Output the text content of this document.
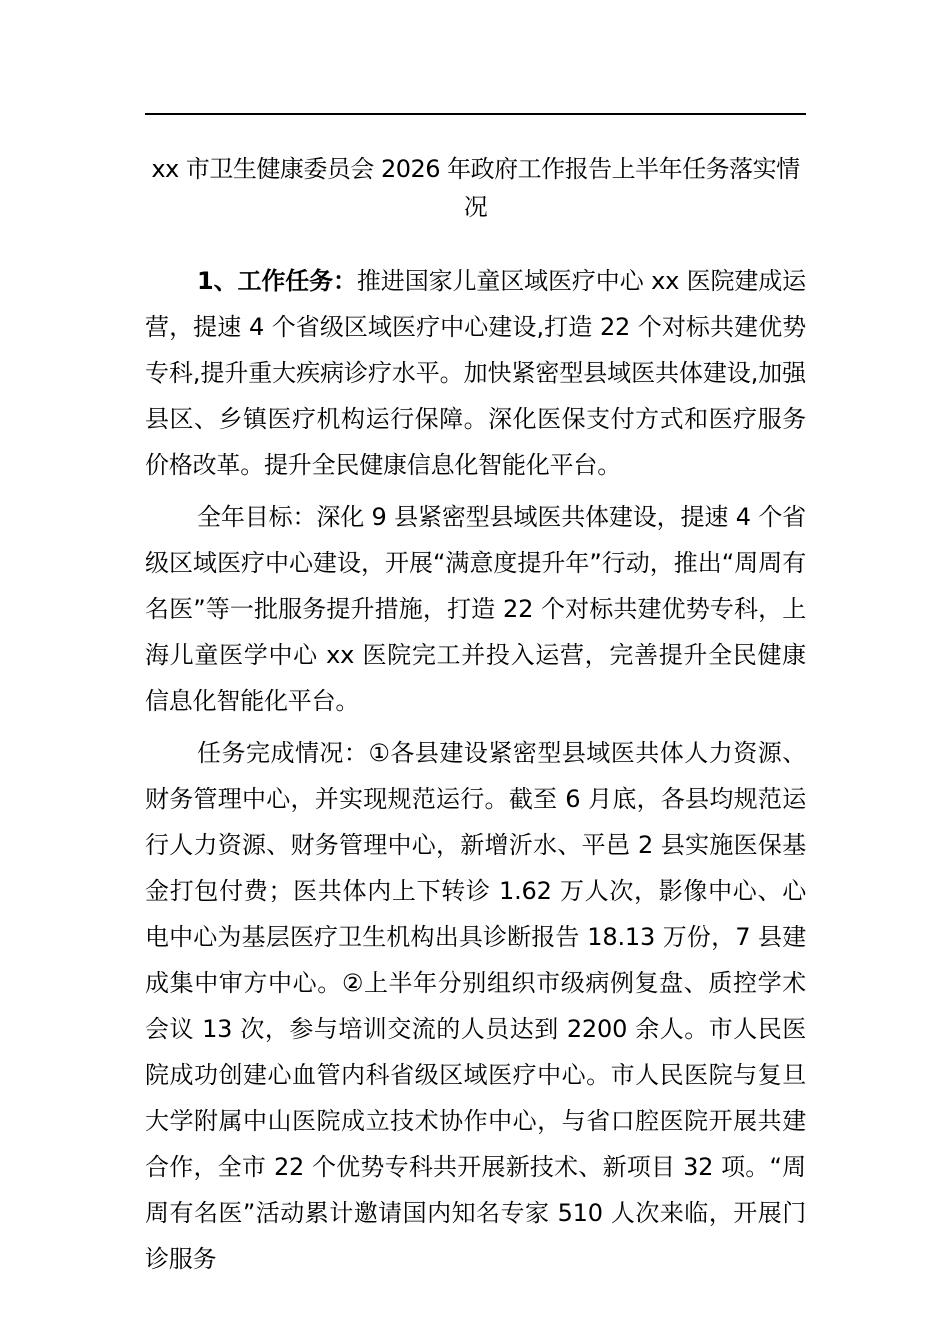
xx 市卫生健康委员会 2026 年政府工作报告上半年任务落实情况

1、工作任务：推进国家儿童区域医疗中心 xx 医院建成运营，提速 4 个省级区域医疗中心建设,打造 22 个对标共建优势专科,提升重大疾病诊疗水平。加快紧密型县域医共体建设,加强县区、乡镇医疗机构运行保障。深化医保支付方式和医疗服务价格改革。提升全民健康信息化智能化平台。

全年目标：深化 9 县紧密型县域医共体建设，提速 4 个省级区域医疗中心建设，开展“满意度提升年”行动，推出“周周有名医”等一批服务提升措施，打造 22 个对标共建优势专科，上海儿童医学中心 xx 医院完工并投入运营，完善提升全民健康信息化智能化平台。

任务完成情况：①各县建设紧密型县域医共体人力资源、财务管理中心，并实现规范运行。截至 6 月底，各县均规范运行人力资源、财务管理中心，新增沂水、平邑 2 县实施医保基金打包付费；医共体内上下转诊 1.62 万人次，影像中心、心电中心为基层医疗卫生机构出具诊断报告 18.13 万份，7 县建成集中审方中心。②上半年分别组织市级病例复盘、质控学术会议 13 次，参与培训交流的人员达到 2200 余人。市人民医院成功创建心血管内科省级区域医疗中心。市人民医院与复旦大学附属中山医院成立技术协作中心，与省口腔医院开展共建合作，全市 22 个优势专科共开展新技术、新项目 32 项。“周周有名医”活动累计邀请国内知名专家 510 人次来临，开展门诊服务
